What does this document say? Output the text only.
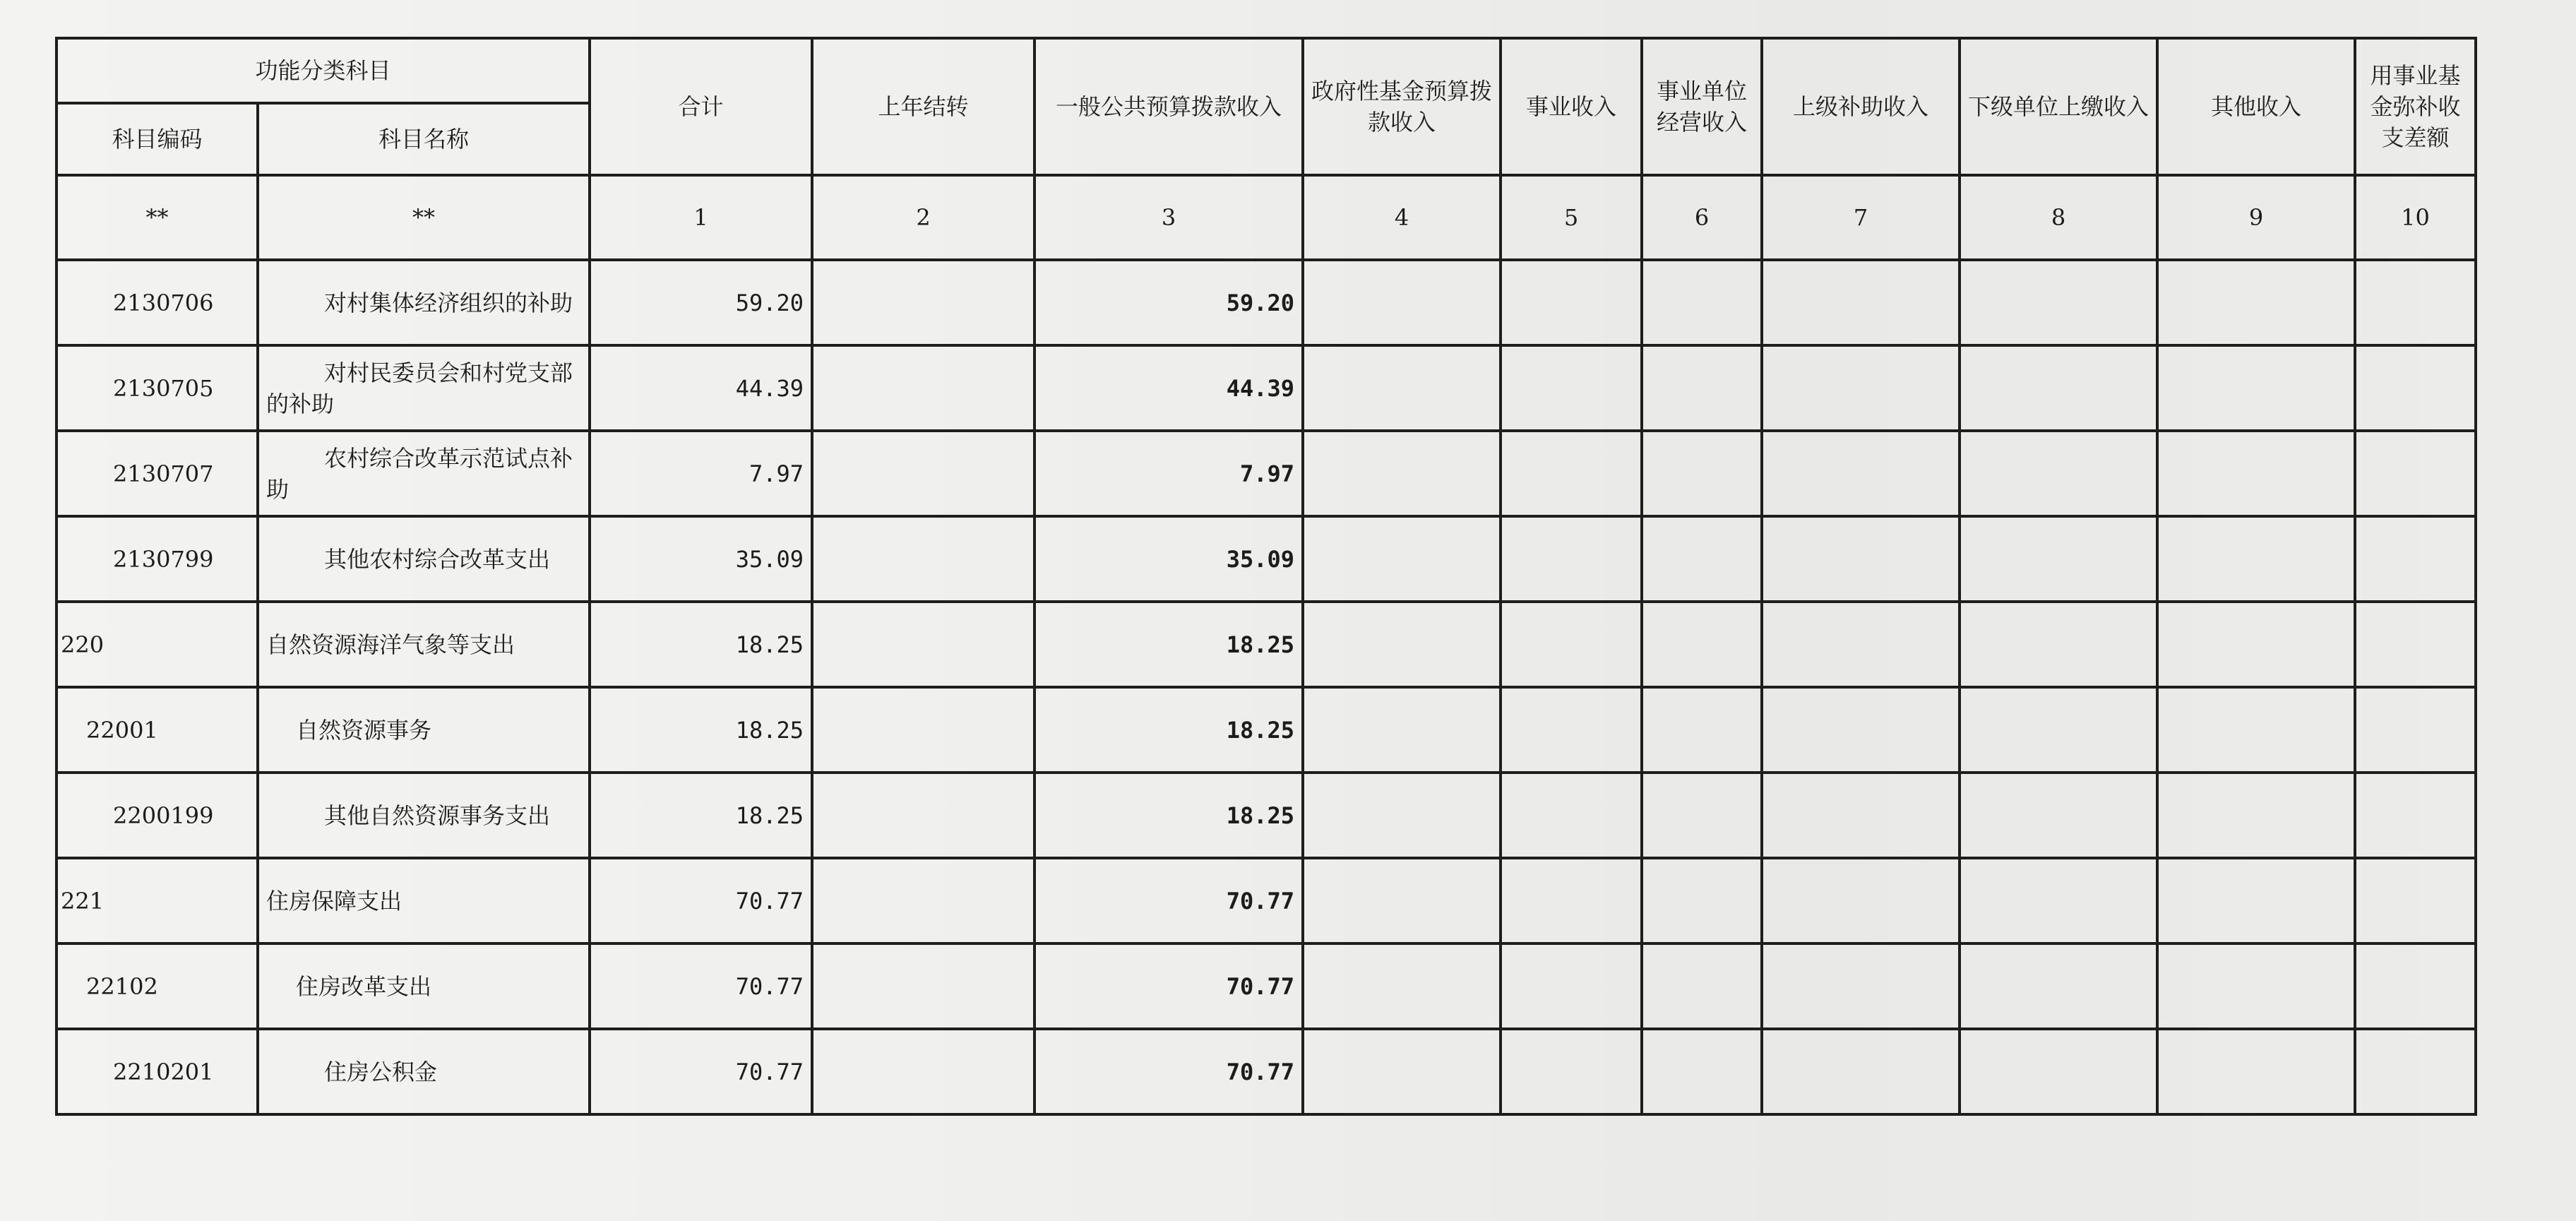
功能分类科目		合计	上年结转	一般公共预算拨款收入	政府性基金预算拨款收入	事业收入	事业单位经营收入	上级补助收入	下级单位上缴收入	其他收入	用事业基金弥补收支差额
科目编码	科目名称										
**	**	1	2	3	4	5	6	7	8	9	10
2130706	对村集体经济组织的补助	59.20		59.20							
2130705	对村民委员会和村党支部的补助	44.39		44.39							
2130707	农村综合改革示范试点补助	7.97		7.97							
2130799	其他农村综合改革支出	35.09		35.09							
220	自然资源海洋气象等支出	18.25		18.25							
22001	自然资源事务	18.25		18.25							
2200199	其他自然资源事务支出	18.25		18.25							
221	住房保障支出	70.77		70.77							
22102	住房改革支出	70.77		70.77							
2210201	住房公积金	70.77		70.77							
